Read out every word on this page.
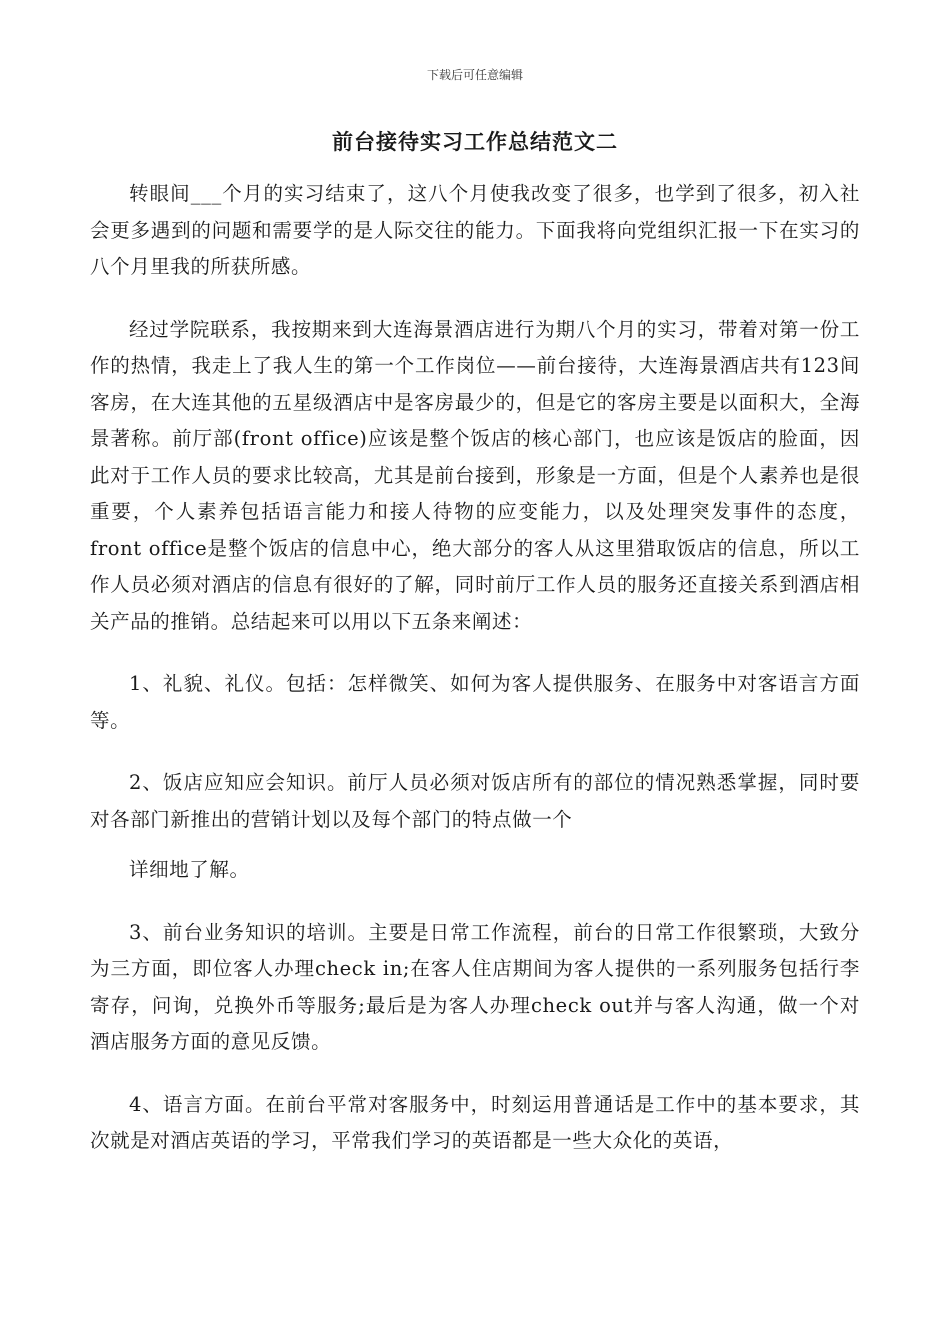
下载后可任意编辑
前台接待实习工作总结范文二

转眼间___个月的实习结束了，这八个月使我改变了很多，也学到了很多，初入社会更多遇到的问题和需要学的是人际交往的能力。下面我将向党组织汇报一下在实习的八个月里我的所获所感。

经过学院联系，我按期来到大连海景酒店进行为期八个月的实习，带着对第一份工作的热情，我走上了我人生的第一个工作岗位——前台接待，大连海景酒店共有123间客房，在大连其他的五星级酒店中是客房最少的，但是它的客房主要是以面积大，全海景著称。前厅部(front office)应该是整个饭店的核心部门，也应该是饭店的脸面，因此对于工作人员的要求比较高，尤其是前台接到，形象是一方面，但是个人素养也是很重要，个人素养包括语言能力和接人待物的应变能力，以及处理突发事件的态度，front office是整个饭店的信息中心，绝大部分的客人从这里猎取饭店的信息，所以工作人员必须对酒店的信息有很好的了解，同时前厅工作人员的服务还直接关系到酒店相关产品的推销。总结起来可以用以下五条来阐述：

1、礼貌、礼仪。包括：怎样微笑、如何为客人提供服务、在服务中对客语言方面等。

2、饭店应知应会知识。前厅人员必须对饭店所有的部位的情况熟悉掌握，同时要对各部门新推出的营销计划以及每个部门的特点做一个

详细地了解。

3、前台业务知识的培训。主要是日常工作流程，前台的日常工作很繁琐，大致分为三方面，即位客人办理check in;在客人住店期间为客人提供的一系列服务包括行李寄存，问询，兑换外币等服务;最后是为客人办理check out并与客人沟通，做一个对酒店服务方面的意见反馈。

4、语言方面。在前台平常对客服务中，时刻运用普通话是工作中的基本要求，其次就是对酒店英语的学习，平常我们学习的英语都是一些大众化的英语，
